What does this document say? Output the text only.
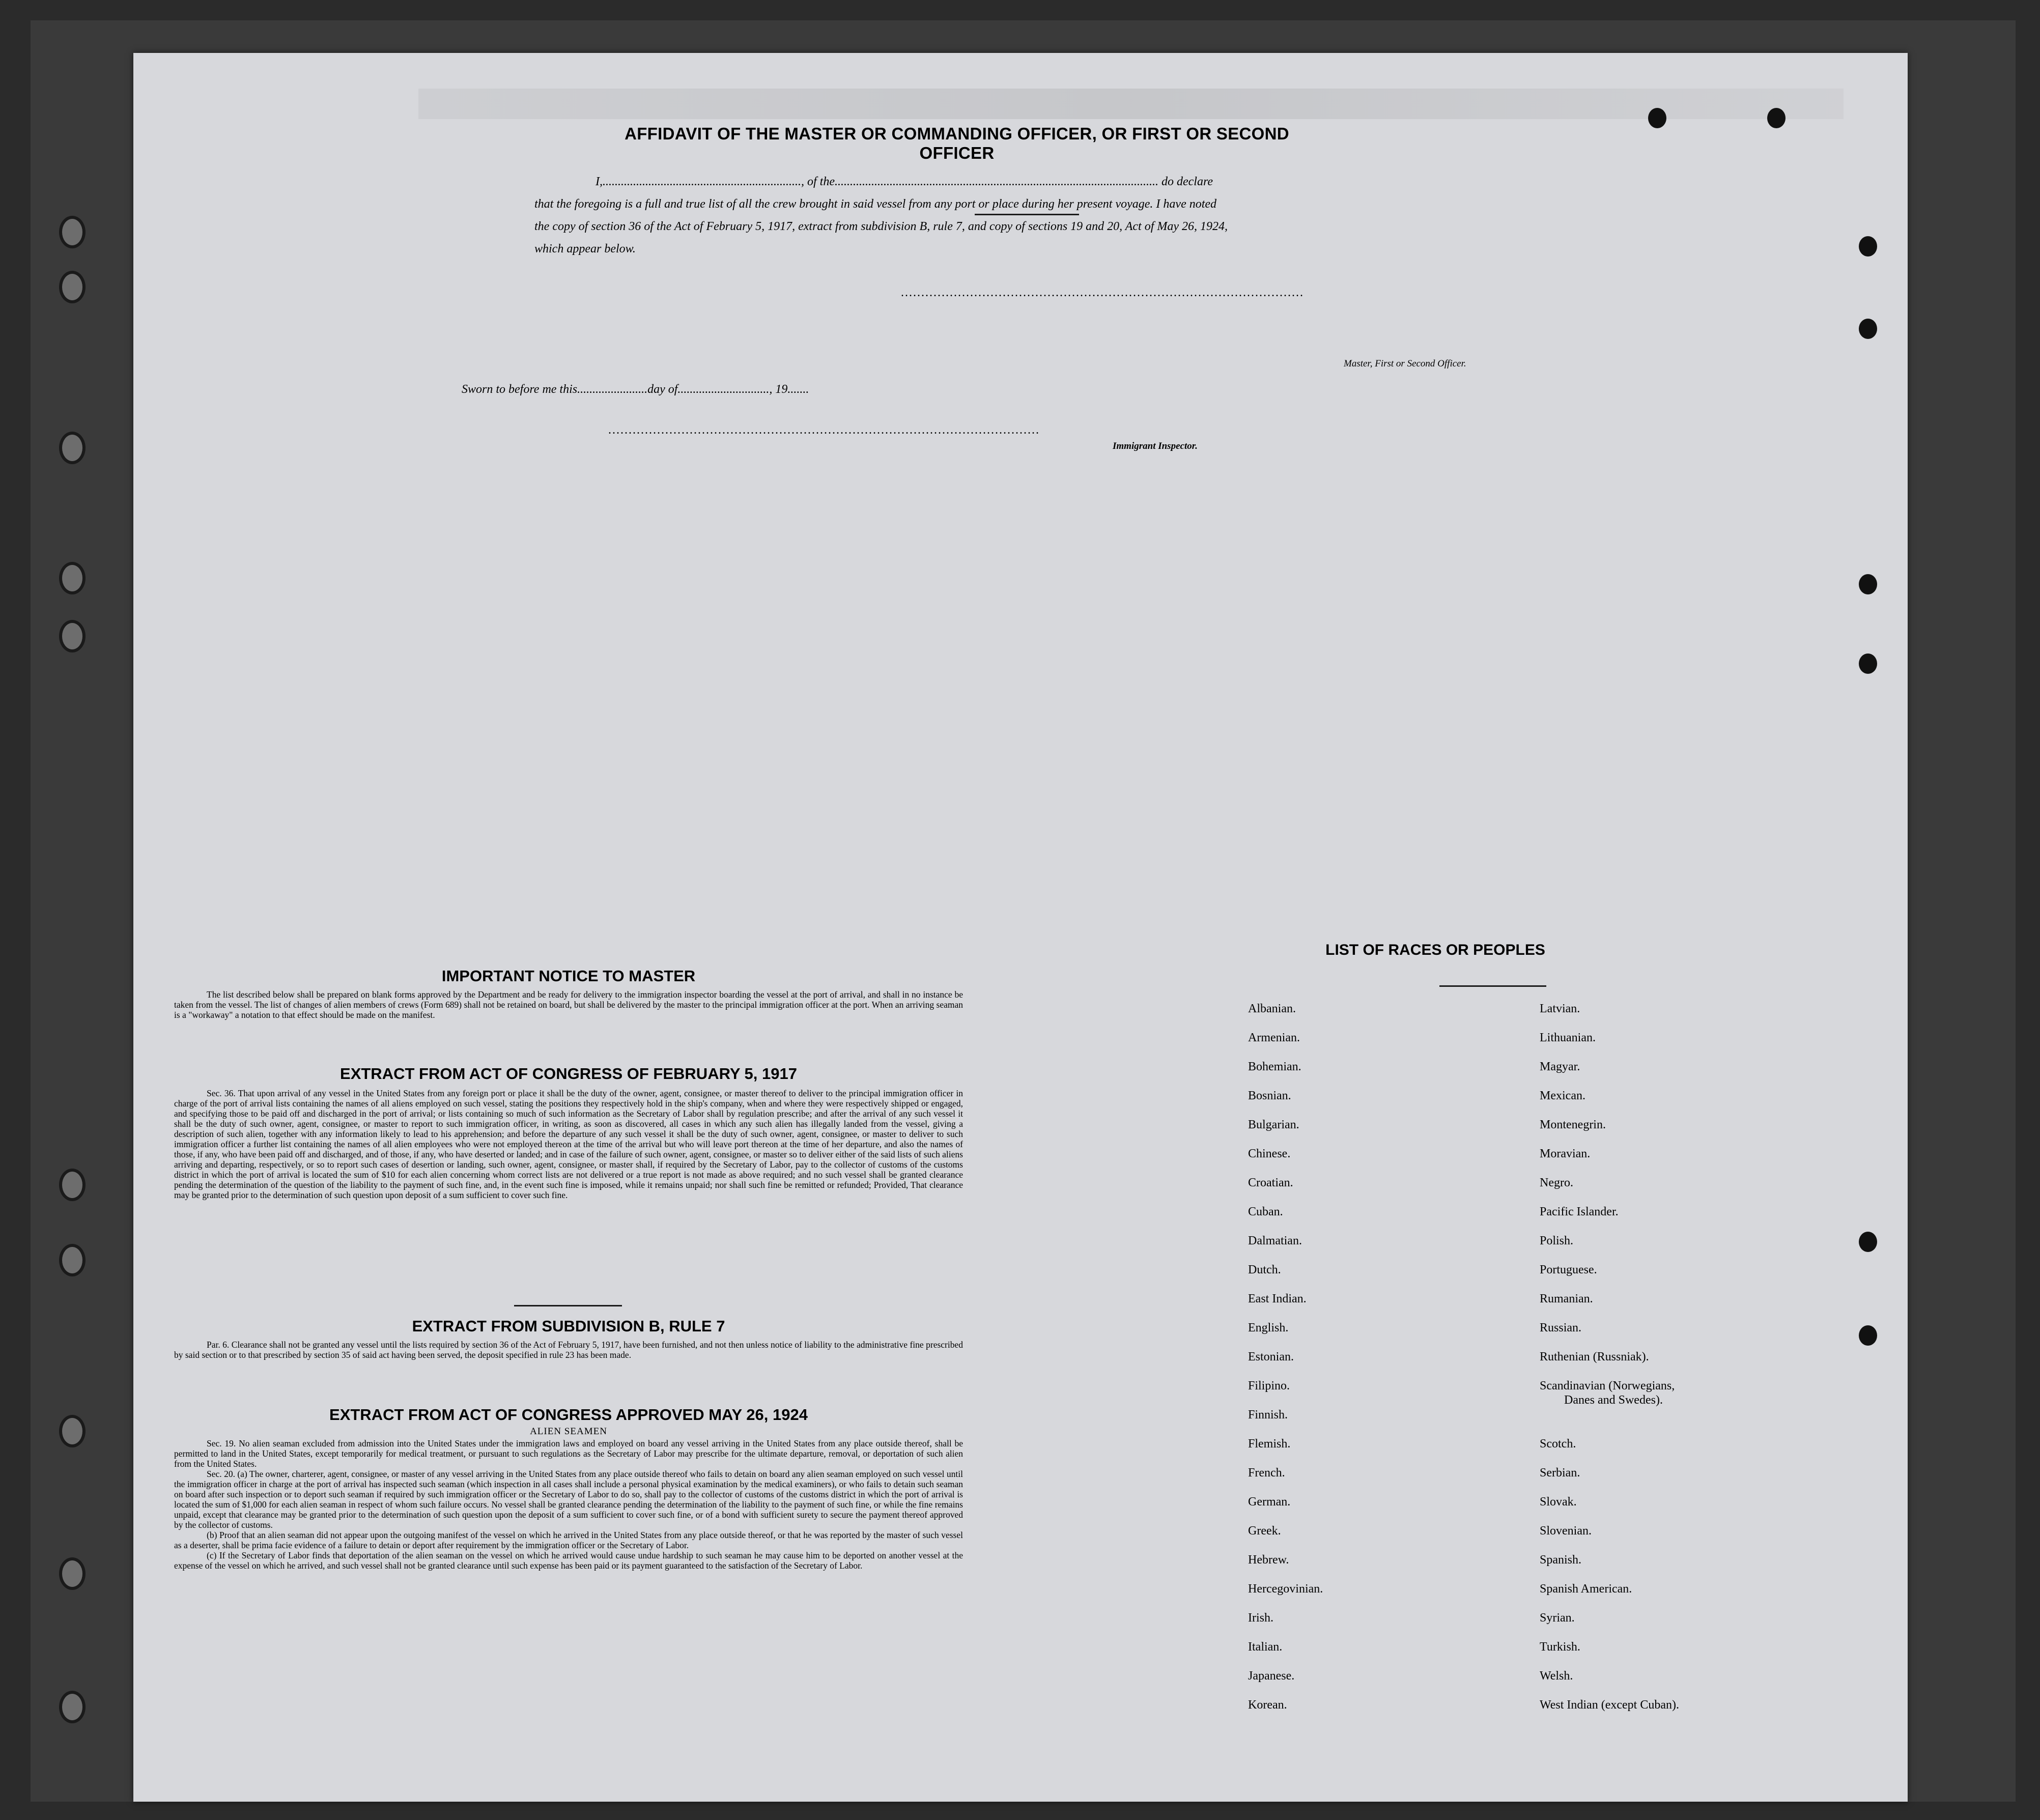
AFFIDAVIT OF THE MASTER OR COMMANDING OFFICER, OR FIRST OR SECOND OFFICER

I,................................................................., of the.......................................................................................................... do declare

that the foregoing is a full and true list of all the crew brought in said vessel from any port or place during her present voyage. I have noted

the copy of section 36 of the Act of February 5, 1917, extract from subdivision B, rule 7, and copy of sections 19 and 20, Act of May 26, 1924,

which appear below.

...................................................................................................
Master, First or Second Officer.
Sworn to before me this.......................day of.............................., 19.......
..........................................................................................................
Immigrant Inspector.

IMPORTANT NOTICE TO MASTER

The list described below shall be prepared on blank forms approved by the Department and be ready for delivery to the immigration inspector boarding the vessel at the port of arrival, and shall in no instance be taken from the vessel. The list of changes of alien members of crews (Form 689) shall not be retained on board, but shall be delivered by the master to the principal immigration officer at the port. When an arriving seaman is a "workaway" a notation to that effect should be made on the manifest.

EXTRACT FROM ACT OF CONGRESS OF FEBRUARY 5, 1917

Sec. 36. That upon arrival of any vessel in the United States from any foreign port or place it shall be the duty of the owner, agent, consignee, or master thereof to deliver to the principal immigration officer in charge of the port of arrival lists containing the names of all aliens employed on such vessel, stating the positions they respectively hold in the ship's company, when and where they were respectively shipped or engaged, and specifying those to be paid off and discharged in the port of arrival; or lists containing so much of such information as the Secretary of Labor shall by regulation prescribe; and after the arrival of any such vessel it shall be the duty of such owner, agent, consignee, or master to report to such immigration officer, in writing, as soon as discovered, all cases in which any such alien has illegally landed from the vessel, giving a description of such alien, together with any information likely to lead to his apprehension; and before the departure of any such vessel it shall be the duty of such owner, agent, consignee, or master to deliver to such immigration officer a further list containing the names of all alien employees who were not employed thereon at the time of the arrival but who will leave port thereon at the time of her departure, and also the names of those, if any, who have been paid off and discharged, and of those, if any, who have deserted or landed; and in case of the failure of such owner, agent, consignee, or master so to deliver either of the said lists of such aliens arriving and departing, respectively, or so to report such cases of desertion or landing, such owner, agent, consignee, or master shall, if required by the Secretary of Labor, pay to the collector of customs of the customs district in which the port of arrival is located the sum of $10 for each alien concerning whom correct lists are not delivered or a true report is not made as above required; and no such vessel shall be granted clearance pending the determination of the question of the liability to the payment of such fine, and, in the event such fine is imposed, while it remains unpaid; nor shall such fine be remitted or refunded; Provided, That clearance may be granted prior to the determination of such question upon deposit of a sum sufficient to cover such fine.

EXTRACT FROM SUBDIVISION B, RULE 7

Par. 6. Clearance shall not be granted any vessel until the lists required by section 36 of the Act of February 5, 1917, have been furnished, and not then unless notice of liability to the administrative fine prescribed by said section or to that prescribed by section 35 of said act having been served, the deposit specified in rule 23 has been made.

EXTRACT FROM ACT OF CONGRESS APPROVED MAY 26, 1924

ALIEN SEAMEN

Sec. 19. No alien seaman excluded from admission into the United States under the immigration laws and employed on board any vessel arriving in the United States from any place outside thereof, shall be permitted to land in the United States, except temporarily for medical treatment, or pursuant to such regulations as the Secretary of Labor may prescribe for the ultimate departure, removal, or deportation of such alien from the United States.

Sec. 20. (a) The owner, charterer, agent, consignee, or master of any vessel arriving in the United States from any place outside thereof who fails to detain on board any alien seaman employed on such vessel until the immigration officer in charge at the port of arrival has inspected such seaman (which inspection in all cases shall include a personal physical examination by the medical examiners), or who fails to detain such seaman on board after such inspection or to deport such seaman if required by such immigration officer or the Secretary of Labor to do so, shall pay to the collector of customs of the customs district in which the port of arrival is located the sum of $1,000 for each alien seaman in respect of whom such failure occurs. No vessel shall be granted clearance pending the determination of the liability to the payment of such fine, or while the fine remains unpaid, except that clearance may be granted prior to the determination of such question upon the deposit of a sum sufficient to cover such fine, or of a bond with sufficient surety to secure the payment thereof approved by the collector of customs.

(b) Proof that an alien seaman did not appear upon the outgoing manifest of the vessel on which he arrived in the United States from any place outside thereof, or that he was reported by the master of such vessel as a deserter, shall be prima facie evidence of a failure to detain or deport after requirement by the immigration officer or the Secretary of Labor.

(c) If the Secretary of Labor finds that deportation of the alien seaman on the vessel on which he arrived would cause undue hardship to such seaman he may cause him to be deported on another vessel at the expense of the vessel on which he arrived, and such vessel shall not be granted clearance until such expense has been paid or its payment guaranteed to the satisfaction of the Secretary of Labor.

LIST OF RACES OR PEOPLES
Albanian.
Armenian.
Bohemian.
Bosnian.
Bulgarian.
Chinese.
Croatian.
Cuban.
Dalmatian.
Dutch.
East Indian.
English.
Estonian.
Filipino.
Finnish.
Flemish.
French.
German.
Greek.
Hebrew.
Hercegovinian.
Irish.
Italian.
Japanese.
Korean.
Latvian.
Lithuanian.
Magyar.
Mexican.
Montenegrin.
Moravian.
Negro.
Pacific Islander.
Polish.
Portuguese.
Rumanian.
Russian.
Ruthenian (Russniak).
Scandinavian (Norwegians,
Danes and Swedes).
Scotch.
Serbian.
Slovak.
Slovenian.
Spanish.
Spanish American.
Syrian.
Turkish.
Welsh.
West Indian (except Cuban).
